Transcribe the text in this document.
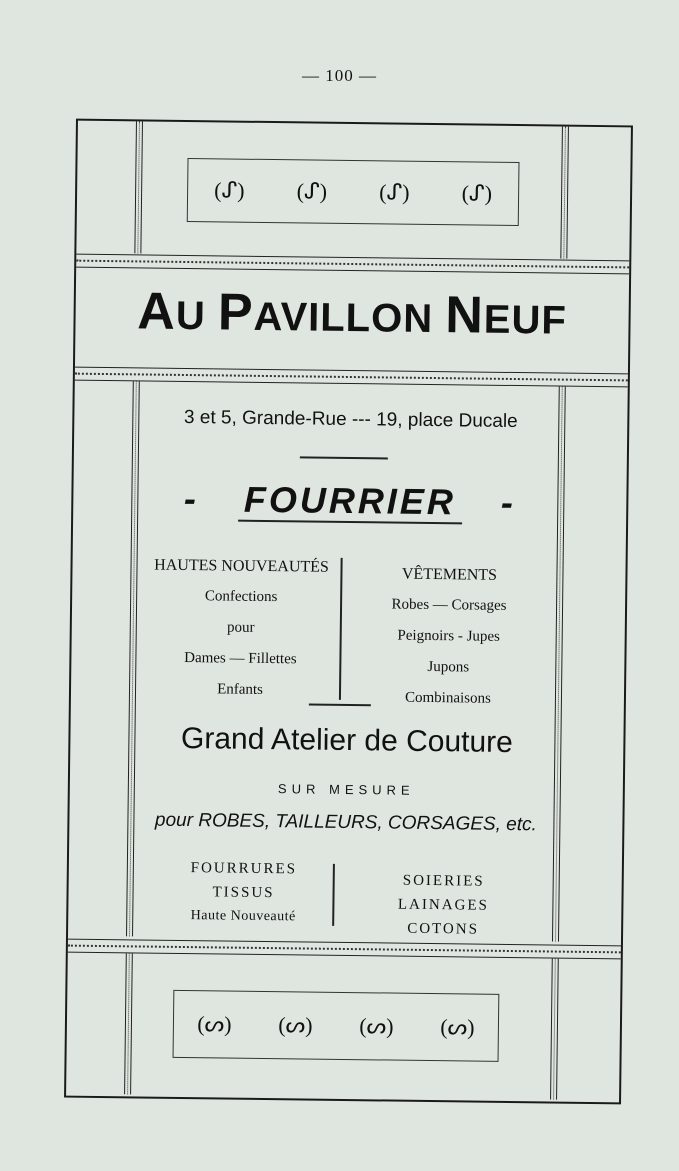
— 100 —
(ᔑ) (ᔑ) (ᔑ) (ᔑ)
AU PAVILLON NEUF
3 et 5, Grande-Rue --- 19, place Ducale
- FOURRIER -
HAUTES NOUVEAUTÉS
Confections
pour
Dames — Fillettes
Enfants
VÊTEMENTS
Robes — Corsages
Peignoirs - Jupes
Jupons
Combinaisons
Grand Atelier de Couture
SUR MESURE
pour ROBES, TAILLEURS, CORSAGES, etc.
FOURRURES
TISSUS
Haute Nouveauté
SOIERIES
LAINAGES
COTONS
(ᔕ) (ᔕ) (ᔕ) (ᔕ)
